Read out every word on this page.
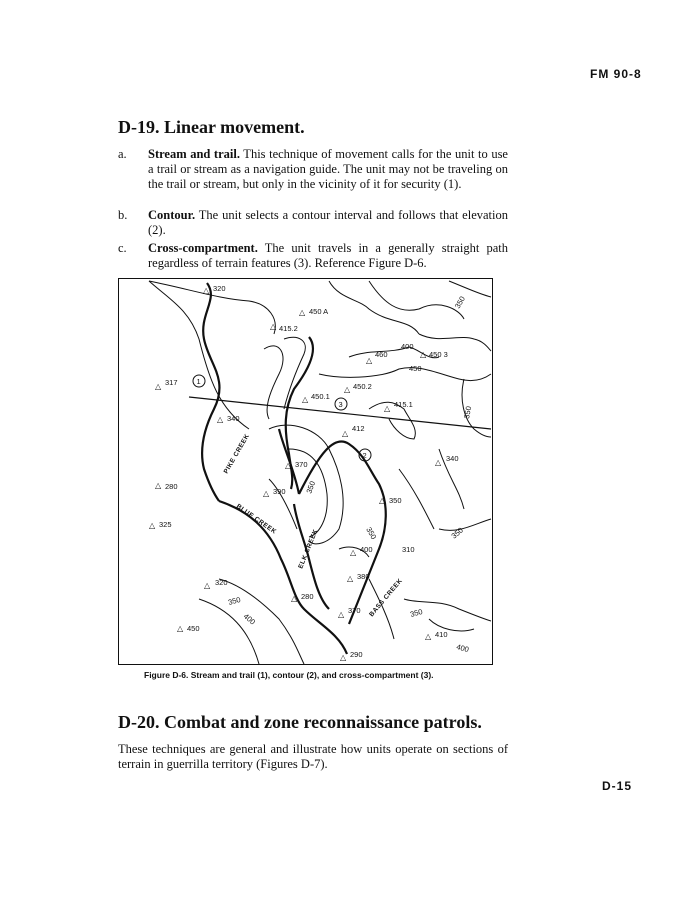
FM 90-8
D-19. Linear movement.
a. Stream and trail. This technique of movement calls for the unit to use a trail or stream as a navigation guide. The unit may not be traveling on the trail or stream, but only in the vicinity of it for security (1).
b. Contour. The unit selects a contour interval and follows that elevation (2).
c. Cross-compartment. The unit travels in a generally straight path regardless of terrain features (3). Reference Figure D-6.
1
3
2
△
△
△
△
△
△	△
△
△
△
△
△	△
△
△
△
△
△
△
△
△
△
△
△
△
320
450 A
415.2
460	450 3
450
400
350
317	450.2
450.1
415.1
350
340
412
370
340
390	350
280
350
325
400	310
350
380
320
350	280
370	350
450
400
410
400
290
350
PIKE CREEK
BLUE CREEK
ELK CREEK
BASS CREEK
Figure D-6. Stream and trail (1), contour (2), and cross-compartment (3).
D-20. Combat and zone reconnaissance patrols.
These techniques are general and illustrate how units operate on sections of terrain in guerrilla territory (Figures D-7).
D-15
